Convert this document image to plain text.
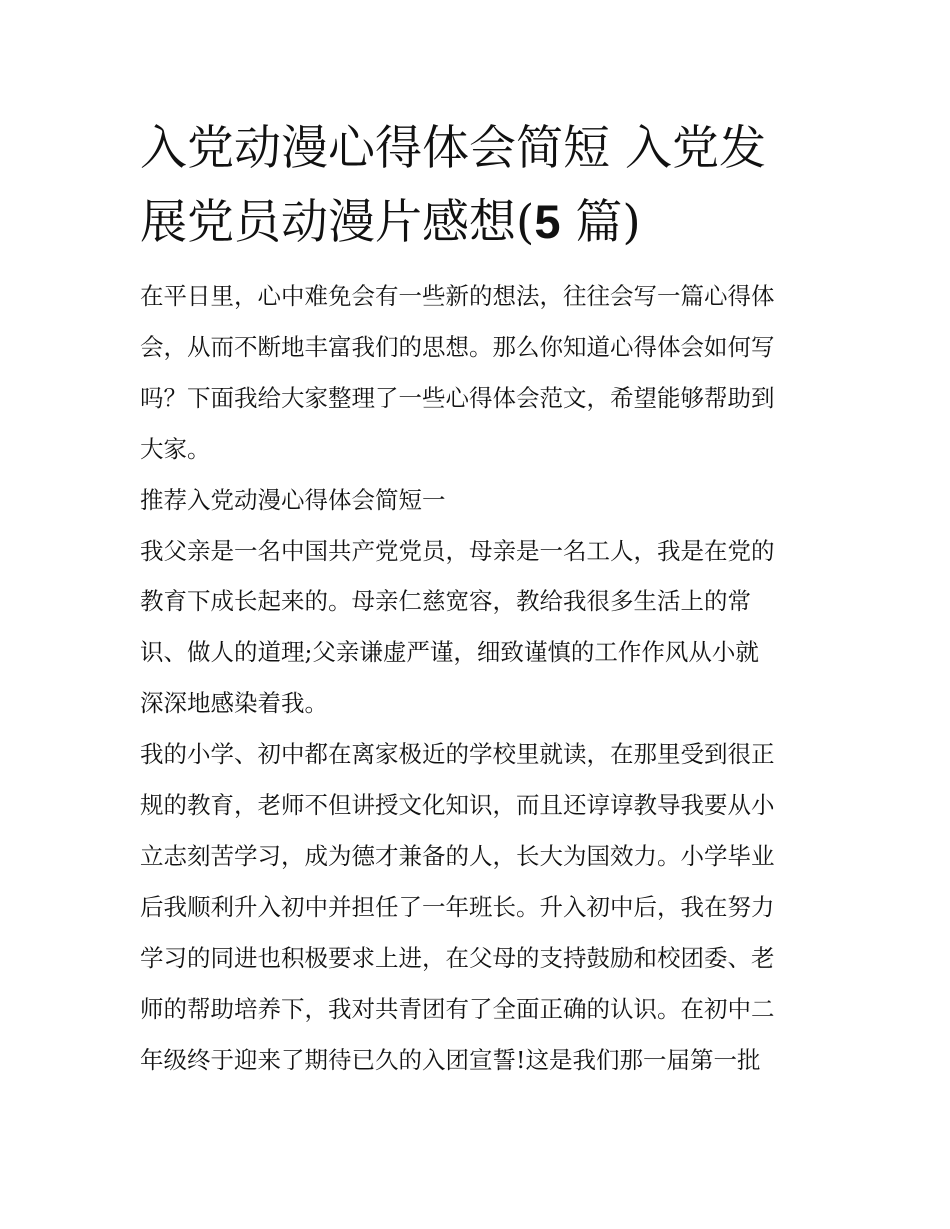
入党动漫心得体会简短 入党发
展党员动漫片感想(5 篇)

在平日里，心中难免会有一些新的想法，往往会写一篇心得体
会，从而不断地丰富我们的思想。那么你知道心得体会如何写
吗？下面我给大家整理了一些心得体会范文，希望能够帮助到
大家。

推荐入党动漫心得体会简短一

我父亲是一名中国共产党党员，母亲是一名工人，我是在党的
教育下成长起来的。母亲仁慈宽容，教给我很多生活上的常
识、做人的道理;父亲谦虚严谨，细致谨慎的工作作风从小就
深深地感染着我。

我的小学、初中都在离家极近的学校里就读，在那里受到很正
规的教育，老师不但讲授文化知识，而且还谆谆教导我要从小
立志刻苦学习，成为德才兼备的人，长大为国效力。小学毕业
后我顺利升入初中并担任了一年班长。升入初中后，我在努力
学习的同进也积极要求上进，在父母的支持鼓励和校团委、老
师的帮助培养下，我对共青团有了全面正确的认识。在初中二
年级终于迎来了期待已久的入团宣誓!这是我们那一届第一批
